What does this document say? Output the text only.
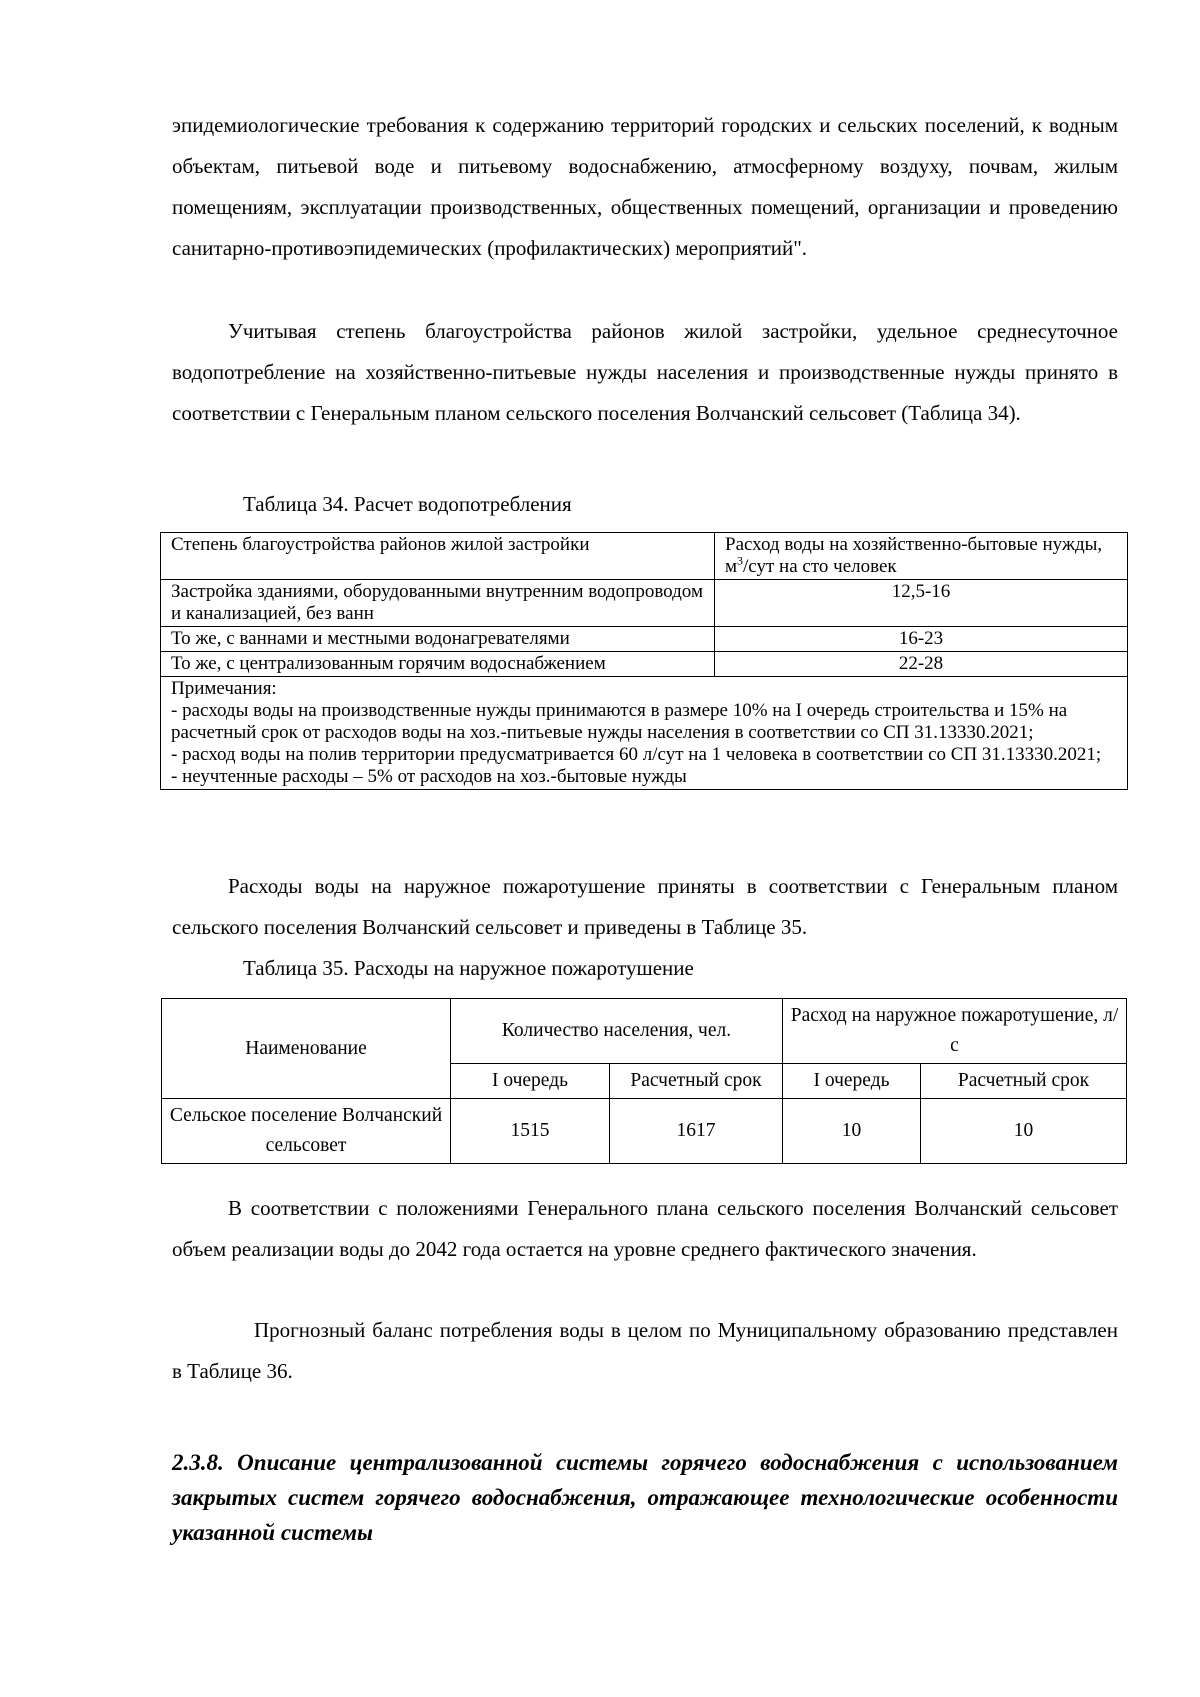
эпидемиологические требования к содержанию территорий городских и сельских поселений, к водным объектам, питьевой воде и питьевому водоснабжению, атмосферному воздуху, почвам, жилым помещениям, эксплуатации производственных, общественных помещений, организации и проведению санитарно-противоэпидемических (профилактических) мероприятий".

Учитывая степень благоустройства районов жилой застройки, удельное среднесуточное водопотребление на хозяйственно-питьевые нужды населения и производственные нужды принято в соответствии с Генеральным планом сельского поселения Волчанский сельсовет (Таблица 34).

Таблица 34. Расчет водопотребления

Степень благоустройства районов жилой застройки	Расход воды на хозяйственно-бытовые нужды, $м^3$/сут на сто человек
Застройка зданиями, оборудованными внутренним водопроводом и канализацией, без ванн	12,5-16
То же, с ваннами и местными водонагревателями	16-23
То же, с централизованным горячим водоснабжением	22-28

Примечания:
- расходы воды на производственные нужды принимаются в размере 10% на I очередь строительства и 15% на расчетный срок от расходов воды на хоз.-питьевые нужды населения в соответствии со СП 31.13330.2021;
- расход воды на полив территории предусматривается 60 л/сут на 1 человека в соответствии со СП 31.13330.2021;
- неучтенные расходы – 5% от расходов на хоз.-бытовые нужды	

Расходы воды на наружное пожаротушение приняты в соответствии с Генеральным планом сельского поселения Волчанский сельсовет и приведены в Таблице 35.

Таблица 35. Расходы на наружное пожаротушение

Наименование	Количество населения, чел.		Расход на наружное пожаротушение, л/с	
	I очередь	Расчетный срок	I очередь	Расчетный срок
Сельское поселение Волчанский сельсовет	1515	1617	10	10

В соответствии с положениями Генерального плана сельского поселения Волчанский сельсовет объем реализации воды до 2042 года остается на уровне среднего фактического значения.

Прогнозный баланс потребления воды в целом по Муниципальному образованию представлен в Таблице 36.

2.3.8. Описание централизованной системы горячего водоснабжения с использованием закрытых систем горячего водоснабжения, отражающее технологические особенности указанной системы
